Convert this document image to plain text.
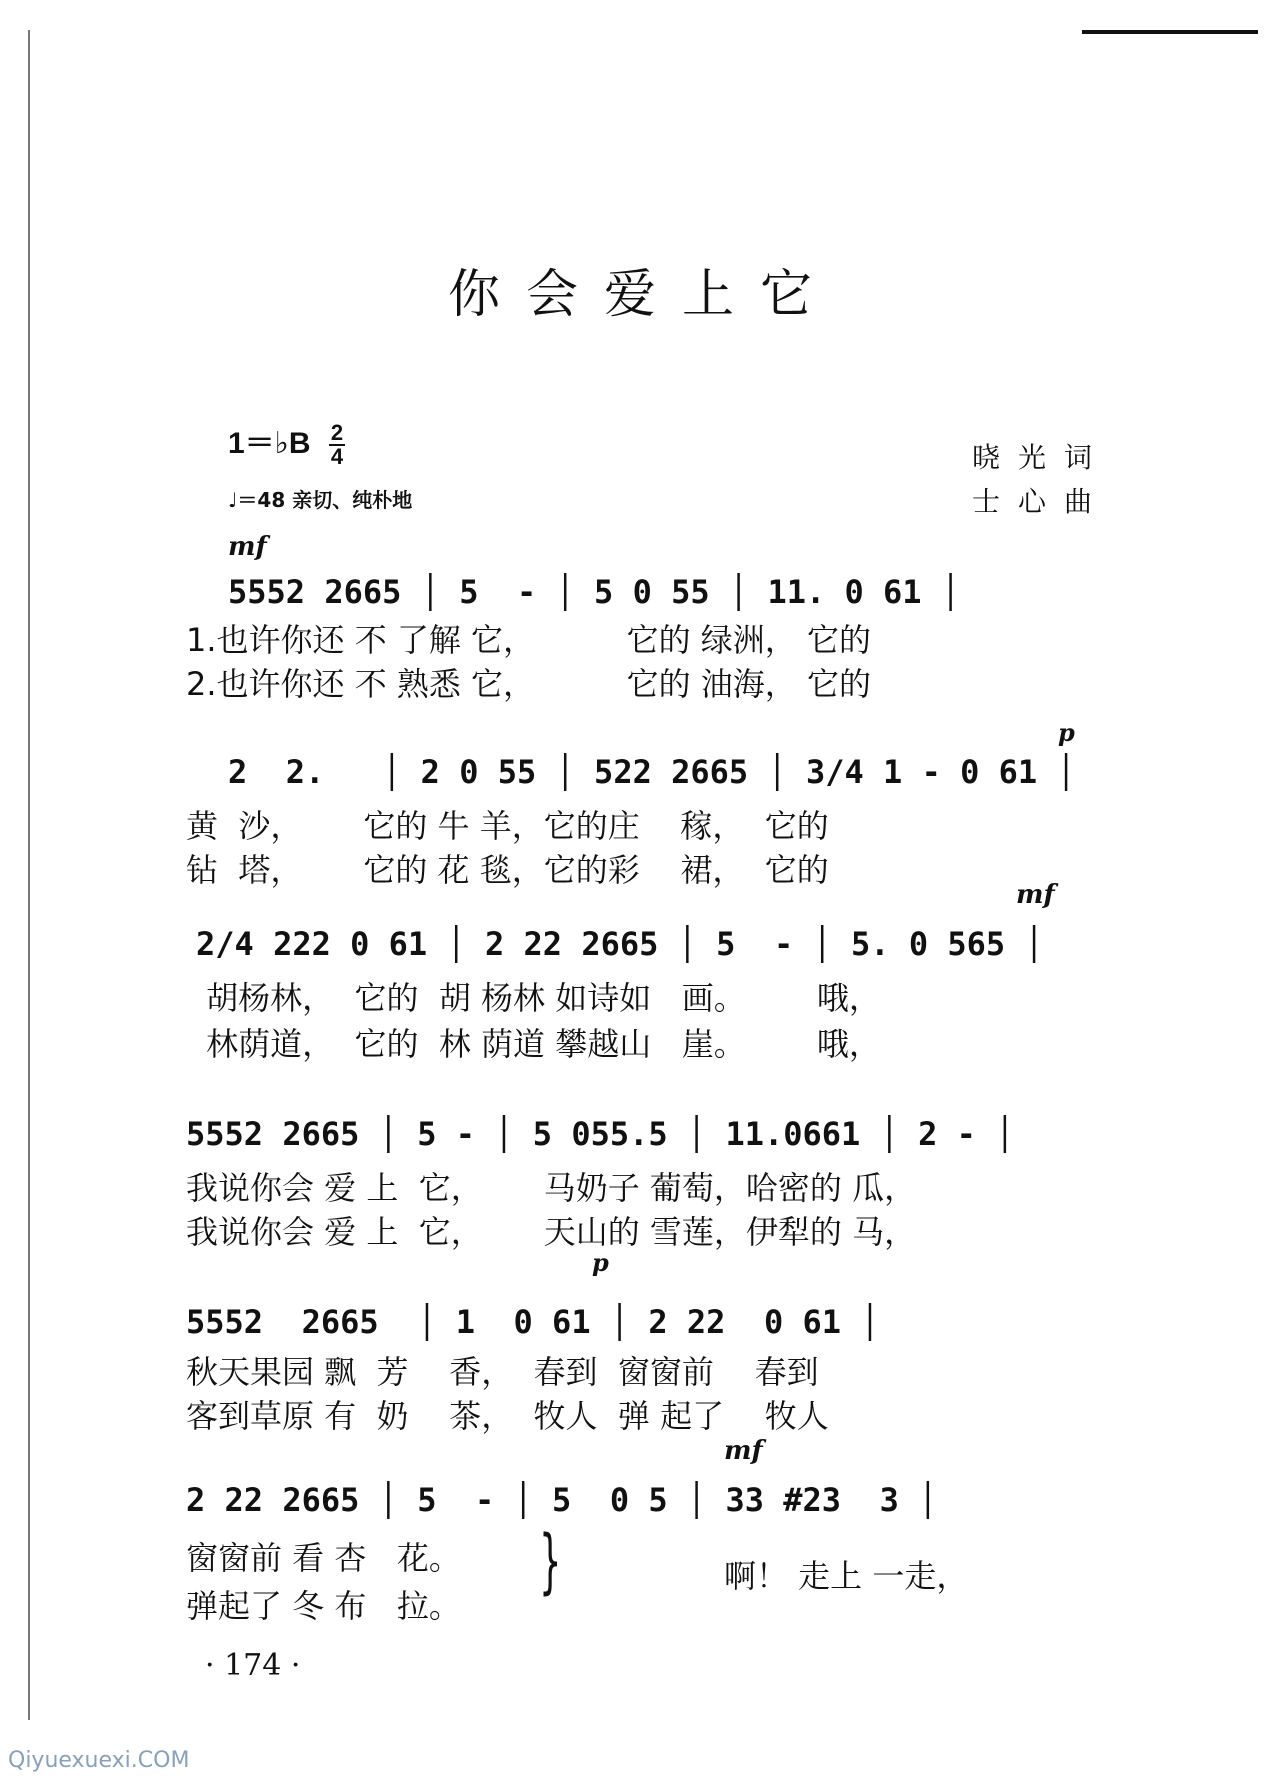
你会爱上它
1＝♭B $\frac{2}{4}$
♩＝48 亲切、纯朴地
晓光词
士心曲
mf
5552 2665 │ 5  - │ 5 0 55 │ 11. 0 61 │
1.也许你还 不 了解 它，         它的 绿洲， 它的
2.也许你还 不 熟悉 它，         它的 油海， 它的
2  2.   │ 2 0 55 │ 522 2665 │ 3/4 1 - 0 61 │
p
黄  沙，      它的 牛 羊，它的庄    稼，  它的
钻  塔，      它的 花 毯，它的彩    裙，  它的
mf
2/4 222 0 61 │ 2 22 2665 │ 5  - │ 5. 0 565 │
胡杨林，  它的  胡 杨林 如诗如   画。       哦，
林荫道，  它的  林 荫道 攀越山   崖。       哦，
5552 2665 │ 5 - │ 5 055.5 │ 11.0661 │ 2 - │
我说你会 爱 上  它，      马奶子 葡萄，哈密的 瓜，
我说你会 爱 上  它，      天山的 雪莲，伊犁的 马，
p
5552  2665  │ 1  0 61 │ 2 22  0 61 │
秋天果园 飘  芳    香，  春到  窗窗前    春到
客到草原 有  奶    茶，  牧人  弹 起了    牧人
mf
2 22 2665 │ 5  - │ 5  0 5 │ 33 #23  3 │
窗窗前 看 杏   花。
弹起了 冬 布   拉。
}	啊！ 走上 一走，
· 174 ·
Qiyuexuexi.COM
